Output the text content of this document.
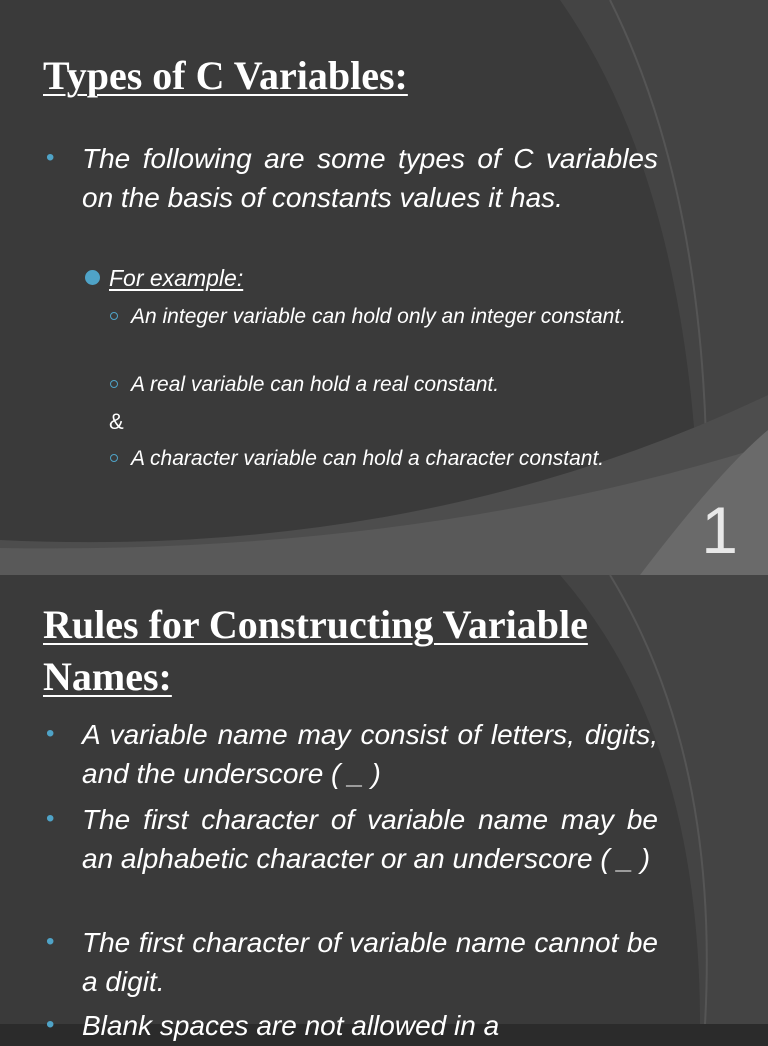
Types of C Variables:
• The following are some types of C variables on the basis of constants values it has.
For example:
An integer variable can hold only an integer constant.
A real variable can hold a real constant.
&
A character variable can hold a character constant.
1
Rules for Constructing Variable
Names:
• A variable name may consist of letters, digits, and the underscore ( _ )
• The first character of variable name may be an alphabetic character or an underscore ( _ )
• The first character of variable name cannot be a digit.
• Blank spaces are not allowed in a
